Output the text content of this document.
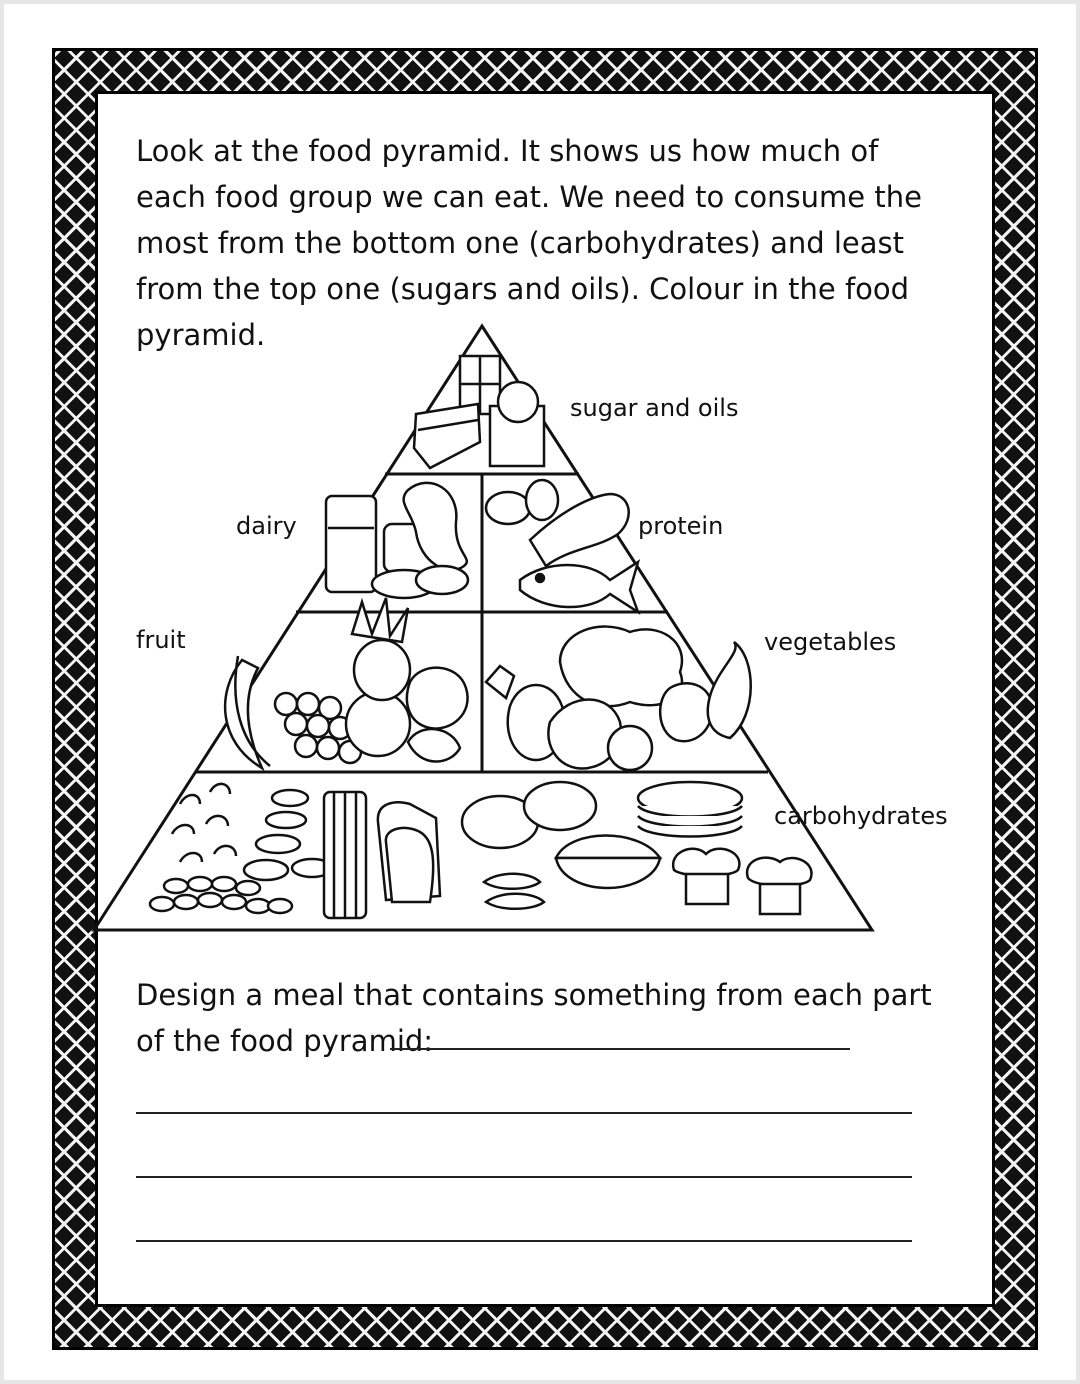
Look at the food pyramid. It shows us how much of each food group we can eat. We need to consume the most from the bottom one (carbohydrates) and least from the top one (sugars and oils). Colour in the food pyramid.

sugar and oils

dairy	protein

fruit	vegetables

carbohydrates

Design a meal that contains something from each part of the food pyramid:
